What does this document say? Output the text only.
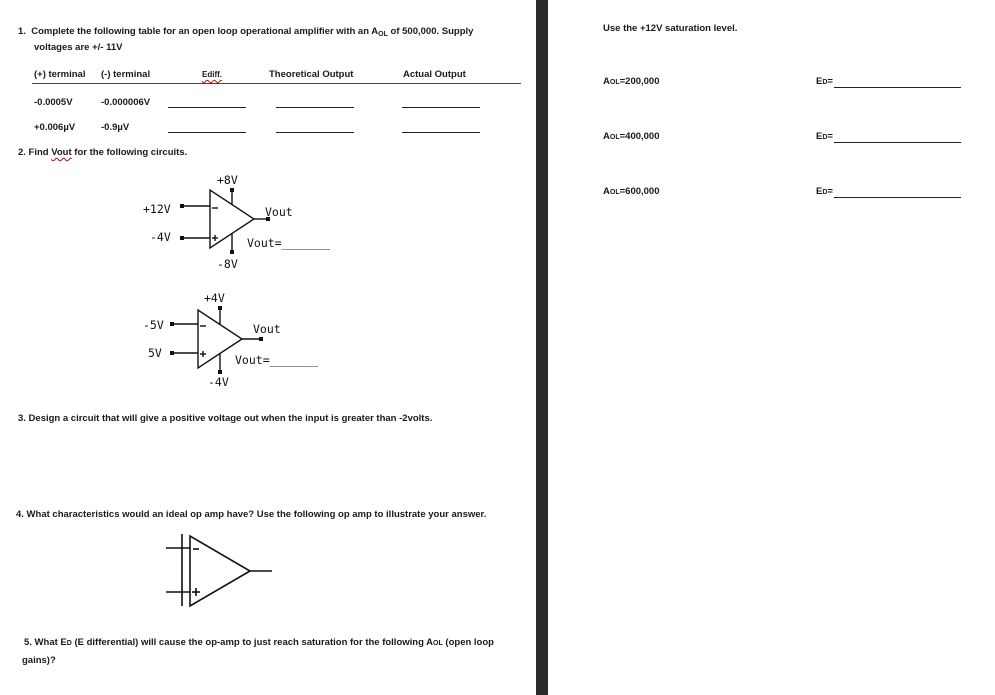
1. Complete the following table for an open loop operational amplifier with an $A_{OL}$ of 500,000. Supply
voltages are +/- 11V
(+) terminal (-) terminal	Ediff.	Theoretical Output	Actual Output
-0.0005V	-0.000006V
+0.006µV	-0.9µV
2. Find Vout for the following circuits.
+8V
+12V
-4V
-8V
Vout
Vout=_______
+4V
-5V
5V
-4V
Vout
Vout=_______
3. Design a circuit that will give a positive voltage out when the input is greater than -2volts.
4. What characteristics would an ideal op amp have? Use the following op amp to illustrate your answer.
5. What ED (E differential) will cause the op-amp to just reach saturation for the following AOL (open loop
gains)?
Use the +12V saturation level.
AOL=200,000	ED=
AOL=400,000	ED=
AOL=600,000	ED=
